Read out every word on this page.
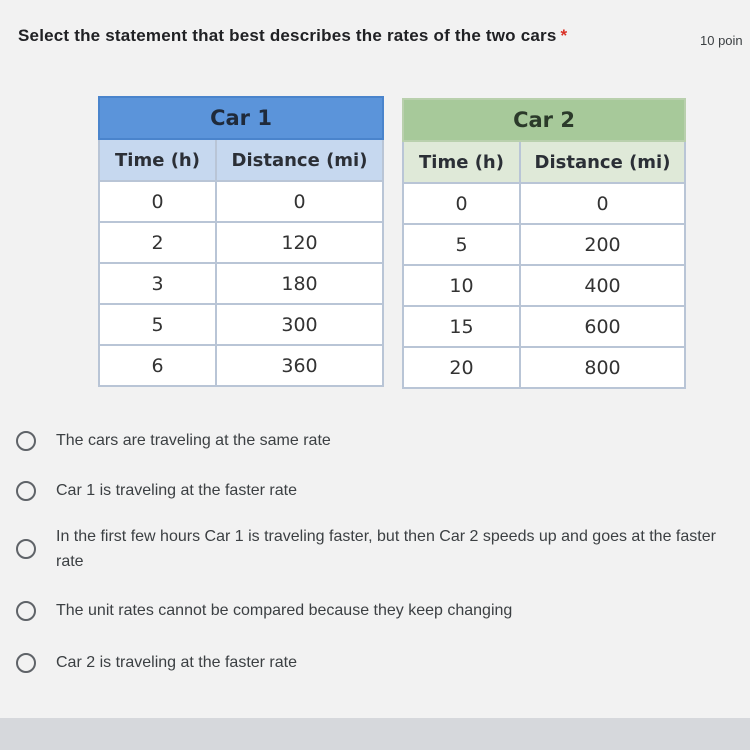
Select the statement that best describes the rates of the two cars *	10 poin
Car 1	
Time (h)	Distance (mi)
0	0
2	120
3	180
5	300
6	360
Car 2	
Time (h)	Distance (mi)
0	0
5	200
10	400
15	600
20	800
The cars are traveling at the same rate
Car 1 is traveling at the faster rate
In the first few hours Car 1 is traveling faster, but then Car 2 speeds up and goes at the faster rate
The unit rates cannot be compared because they keep changing
Car 2 is traveling at the faster rate
